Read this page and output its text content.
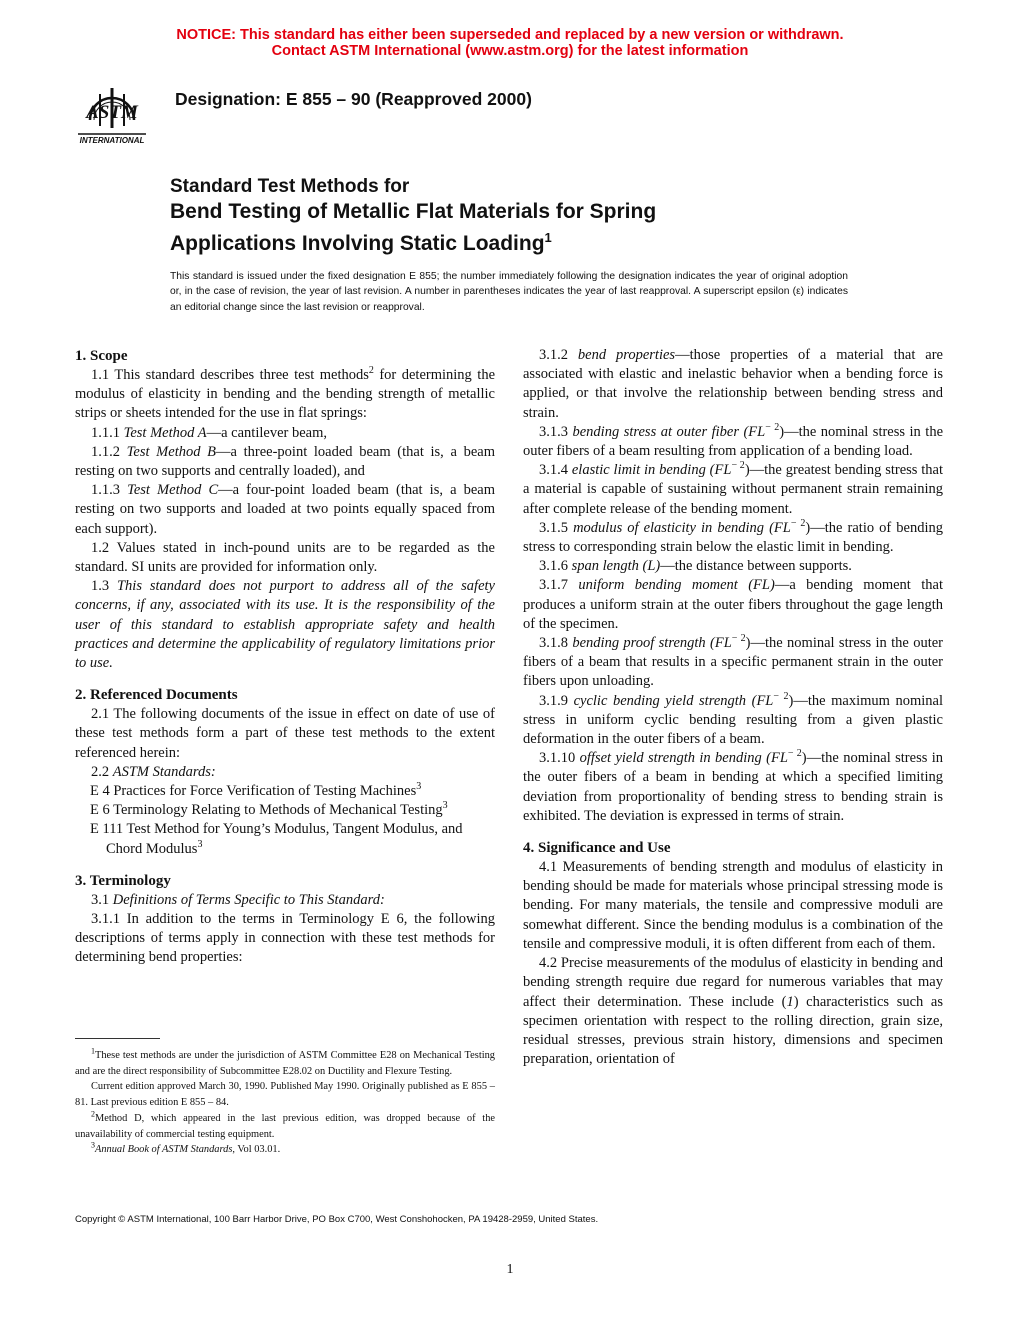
NOTICE: This standard has either been superseded and replaced by a new version or withdrawn.
Contact ASTM International (www.astm.org) for the latest information
ASTM
INTERNATIONAL
Designation: E 855 – 90 (Reapproved 2000)
Standard Test Methods for
Bend Testing of Metallic Flat Materials for Spring
Applications Involving Static Loading$^1$
This standard is issued under the fixed designation E 855; the number immediately following the designation indicates the year of original adoption or, in the case of revision, the year of last revision. A number in parentheses indicates the year of last reapproval. A superscript epsilon (ε) indicates an editorial change since the last revision or reapproval.
1. Scope

1.1 This standard describes three test methods$^2$ for determining the modulus of elasticity in bending and the bending strength of metallic strips or sheets intended for the use in flat springs:

1.1.1 Test Method A—a cantilever beam,

1.1.2 Test Method B—a three-point loaded beam (that is, a beam resting on two supports and centrally loaded), and

1.1.3 Test Method C—a four-point loaded beam (that is, a beam resting on two supports and loaded at two points equally spaced from each support).

1.2 Values stated in inch-pound units are to be regarded as the standard. SI units are provided for information only.

1.3 This standard does not purport to address all of the safety concerns, if any, associated with its use. It is the responsibility of the user of this standard to establish appropriate safety and health practices and determine the applicability of regulatory limitations prior to use.

2. Referenced Documents

2.1 The following documents of the issue in effect on date of use of these test methods form a part of these test methods to the extent referenced herein:

2.2 ASTM Standards:

E 4 Practices for Force Verification of Testing Machines$^3$

E 6 Terminology Relating to Methods of Mechanical Testing$^3$

E 111 Test Method for Young’s Modulus, Tangent Modulus, and Chord Modulus$^3$

3. Terminology

3.1 Definitions of Terms Specific to This Standard:

3.1.1 In addition to the terms in Terminology E 6, the following descriptions of terms apply in connection with these test methods for determining bend properties:

3.1.2 bend properties—those properties of a material that are associated with elastic and inelastic behavior when a bending force is applied, or that involve the relationship between bending stress and strain.

3.1.3 bending stress at outer fiber $(FL^{- 2})—the$ nominal stress in the outer fibers of a beam resulting from application of a bending load.

3.1.4 elastic limit in bending $(FL^{- 2})—the$ greatest bending stress that a material is capable of sustaining without permanent strain remaining after complete release of the bending moment.

3.1.5 modulus of elasticity in bending $(FL^{- 2})—the$ ratio of bending stress to corresponding strain below the elastic limit in bending.

3.1.6 span length (L)—the distance between supports.

3.1.7 uniform bending moment (FL)—a bending moment that produces a uniform strain at the outer fibers throughout the gage length of the specimen.

3.1.8 bending proof strength $(FL^{- 2})—the$ nominal stress in the outer fibers of a beam that results in a specific permanent strain in the outer fibers upon unloading.

3.1.9 cyclic bending yield strength $(FL^{- 2})—the$ maximum nominal stress in uniform cyclic bending resulting from a given plastic deformation in the outer fibers of a beam.

3.1.10 offset yield strength in bending $(FL^{- 2})—the$ nominal stress in the outer fibers of a beam in bending at which a specified limiting deviation from proportionality of bending stress to bending strain is exhibited. The deviation is expressed in terms of strain.

4. Significance and Use

4.1 Measurements of bending strength and modulus of elasticity in bending should be made for materials whose principal stressing mode is bending. For many materials, the tensile and compressive moduli are somewhat different. Since the bending modulus is a combination of the tensile and compressive moduli, it is often different from each of them.

4.2 Precise measurements of the modulus of elasticity in bending and bending strength require due regard for numerous variables that may affect their determination. These include (1) characteristics such as specimen orientation with respect to the rolling direction, grain size, residual stresses, previous strain history, dimensions and specimen preparation, orientation of

$^1$These test methods are under the jurisdiction of ASTM Committee E28 on Mechanical Testing and are the direct responsibility of Subcommittee E28.02 on Ductility and Flexure Testing.

Current edition approved March 30, 1990. Published May 1990. Originally published as E 855 – 81. Last previous edition E 855 – 84.

$^2$Method D, which appeared in the last previous edition, was dropped because of the unavailability of commercial testing equipment.

$^3$Annual Book of ASTM Standards, Vol 03.01.

Copyright © ASTM International, 100 Barr Harbor Drive, PO Box C700, West Conshohocken, PA 19428-2959, United States.
1
